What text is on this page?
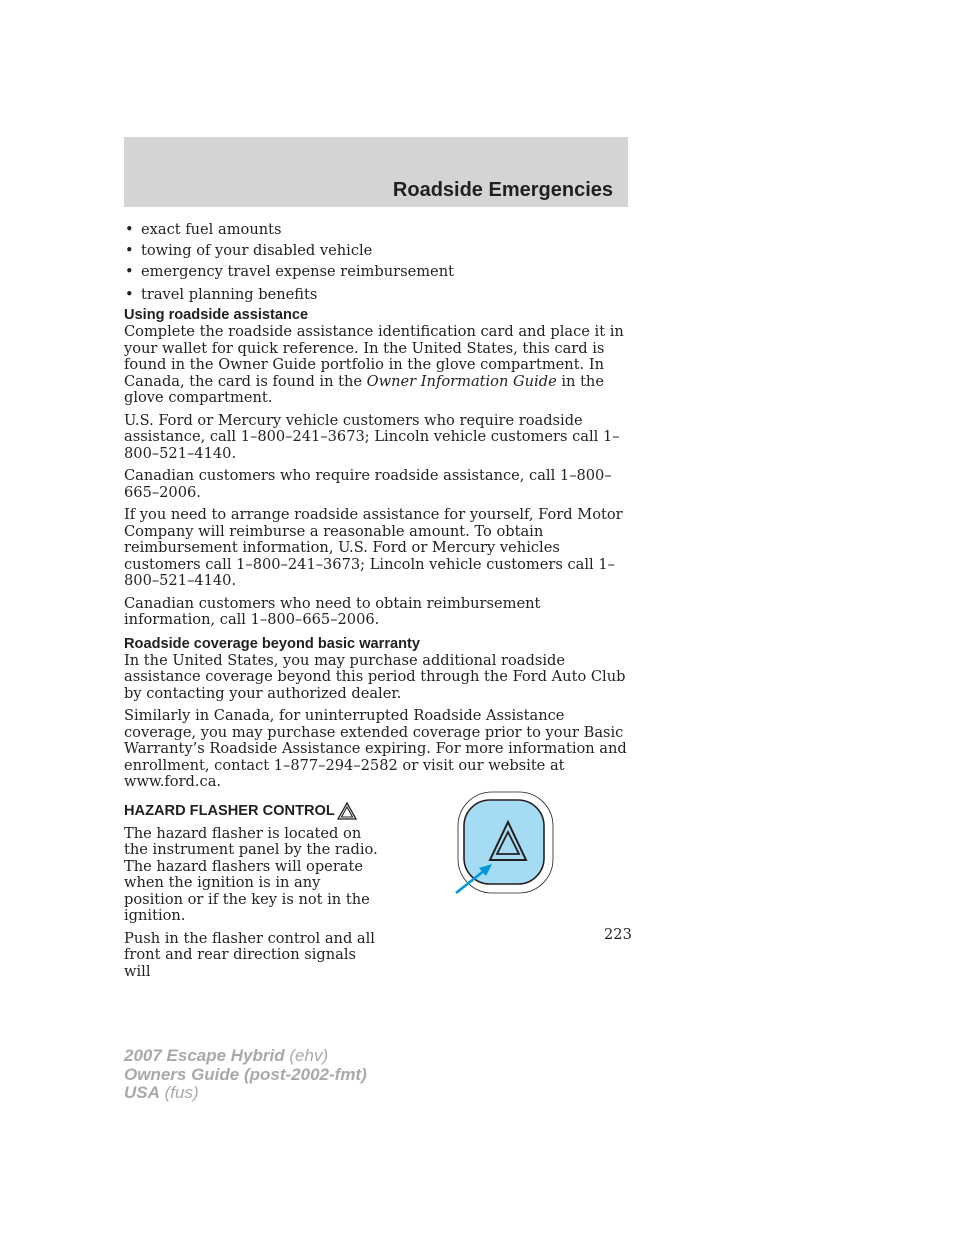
Roadside Emergencies
• exact fuel amounts
• towing of your disabled vehicle
• emergency travel expense reimbursement
• travel planning benefits
Using roadside assistance

Complete the roadside assistance identification card and place it in your wallet for quick reference. In the United States, this card is found in the Owner Guide portfolio in the glove compartment. In Canada, the card is found in the Owner Information Guide in the glove compartment.

U.S. Ford or Mercury vehicle customers who require roadside assistance, call 1–800–241–3673; Lincoln vehicle customers call 1–800–521–4140.

Canadian customers who require roadside assistance, call 1–800–665–2006.

If you need to arrange roadside assistance for yourself, Ford Motor Company will reimburse a reasonable amount. To obtain reimbursement information, U.S. Ford or Mercury vehicles customers call 1–800–241–3673; Lincoln vehicle customers call 1–800–521–4140.

Canadian customers who need to obtain reimbursement information, call 1–800–665–2006.

Roadside coverage beyond basic warranty

In the United States, you may purchase additional roadside assistance coverage beyond this period through the Ford Auto Club by contacting your authorized dealer.

Similarly in Canada, for uninterrupted Roadside Assistance coverage, you may purchase extended coverage prior to your Basic Warranty’s Roadside Assistance expiring. For more information and enrollment, contact 1–877–294–2582 or visit our website at www.ford.ca.

HAZARD FLASHER CONTROL

The hazard flasher is located on the instrument panel by the radio. The hazard flashers will operate when the ignition is in any position or if the key is not in the ignition.

Push in the flasher control and all front and rear direction signals will

223
2007 Escape Hybrid (ehv)
Owners Guide (post-2002-fmt)
USA (fus)
